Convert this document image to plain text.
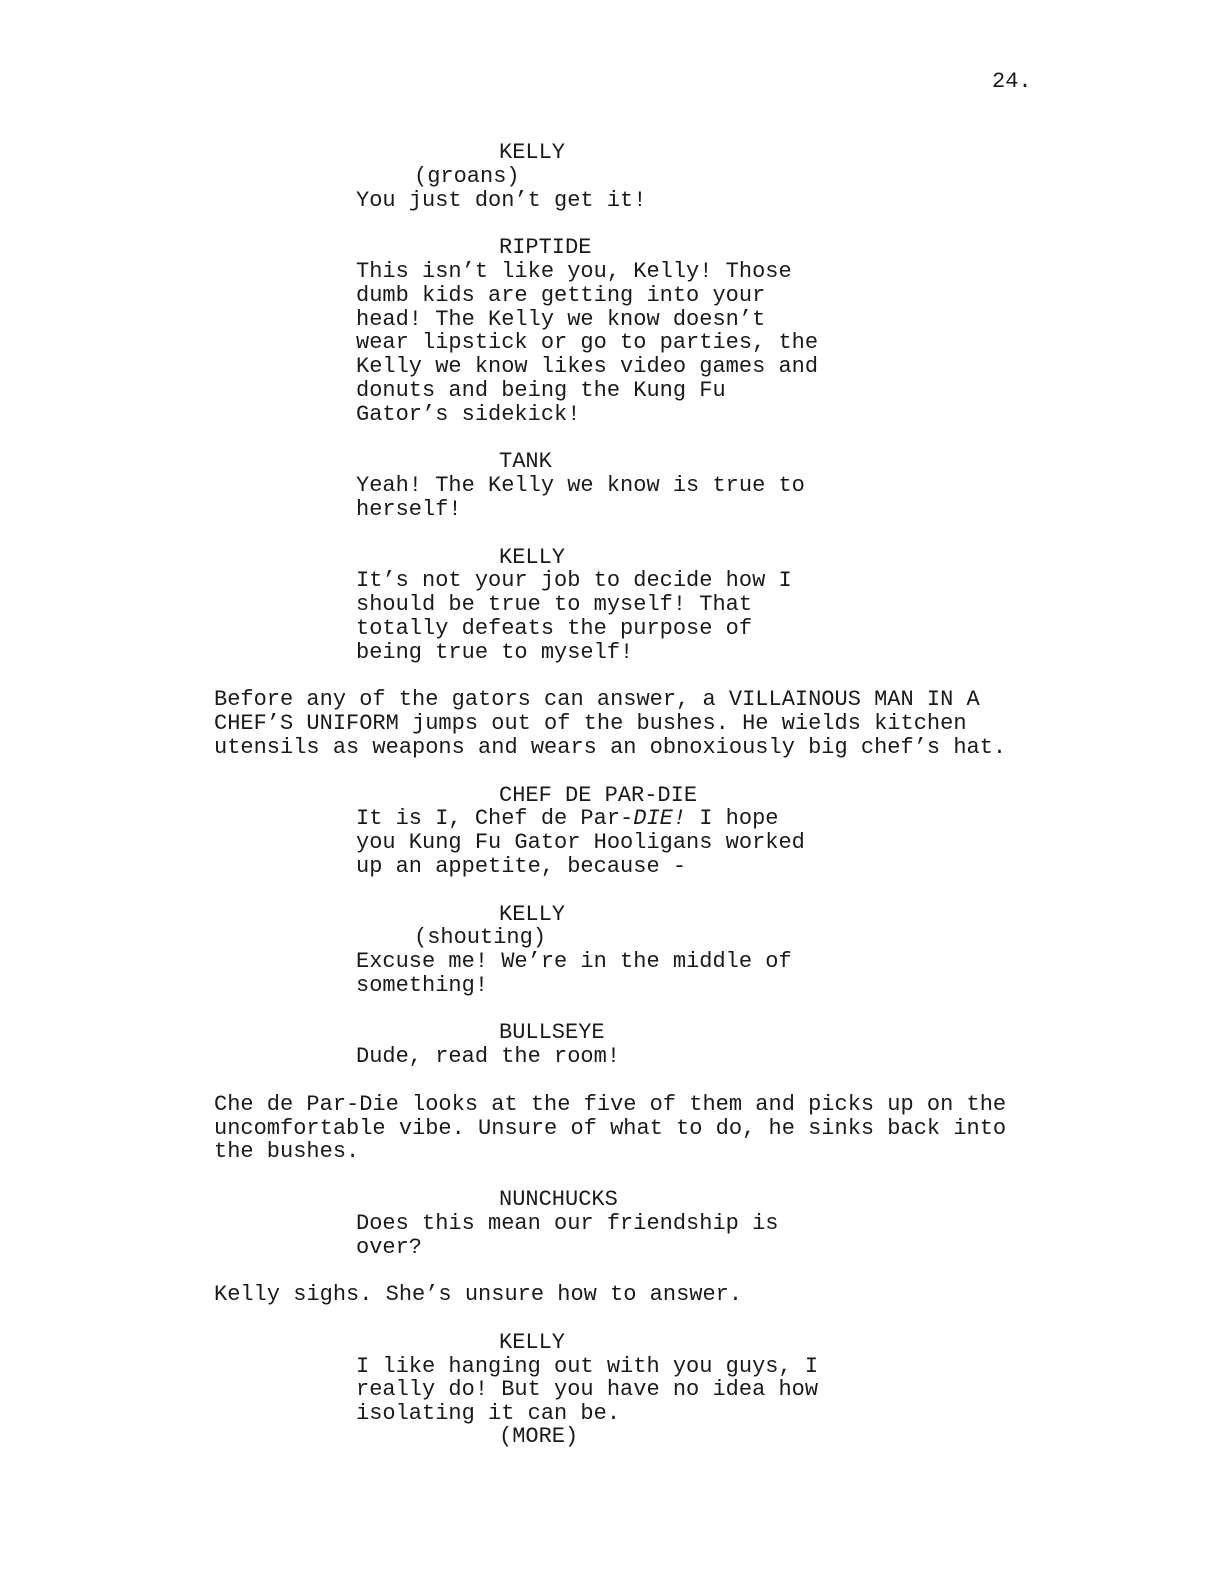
24.
KELLY
(groans)
You just don’t get it!
RIPTIDE
This isn’t like you, Kelly! Those
dumb kids are getting into your
head! The Kelly we know doesn’t
wear lipstick or go to parties, the
Kelly we know likes video games and
donuts and being the Kung Fu
Gator’s sidekick!
TANK
Yeah! The Kelly we know is true to
herself!
KELLY
It’s not your job to decide how I
should be true to myself! That
totally defeats the purpose of
being true to myself!
Before any of the gators can answer, a VILLAINOUS MAN IN A
CHEF’S UNIFORM jumps out of the bushes. He wields kitchen
utensils as weapons and wears an obnoxiously big chef’s hat.
CHEF DE PAR-DIE
It is I, Chef de Par-DIE! I hope
you Kung Fu Gator Hooligans worked
up an appetite, because -
KELLY
(shouting)
Excuse me! We’re in the middle of
something!
BULLSEYE
Dude, read the room!
Che de Par-Die looks at the five of them and picks up on the
uncomfortable vibe. Unsure of what to do, he sinks back into
the bushes.
NUNCHUCKS
Does this mean our friendship is
over?
Kelly sighs. She’s unsure how to answer.
KELLY
I like hanging out with you guys, I
really do! But you have no idea how
isolating it can be.
(MORE)
